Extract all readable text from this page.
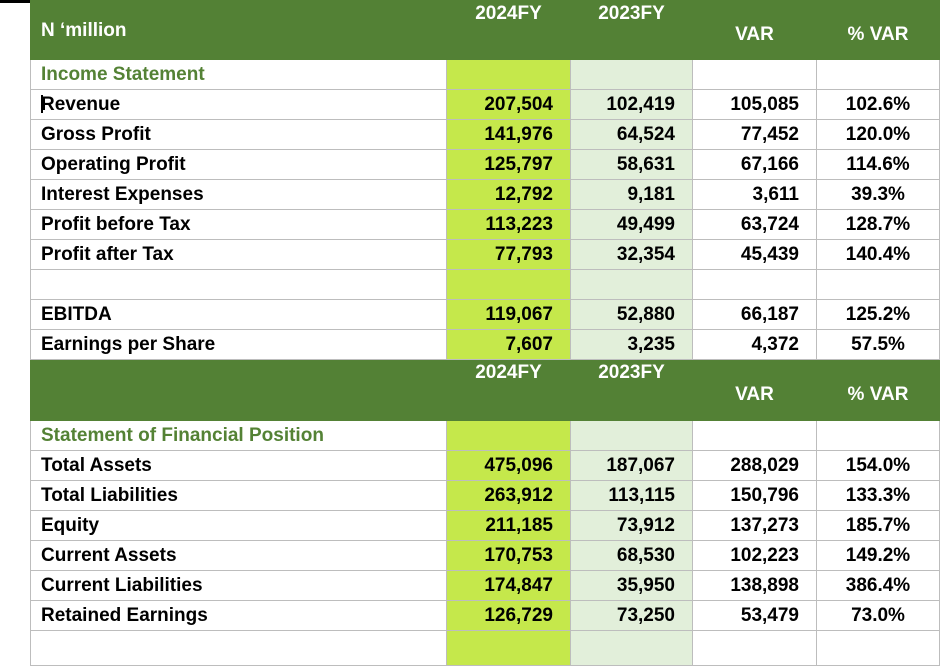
N ‘million	2024FY	2023FY	VAR	% VAR
Income Statement				
Revenue	207,504	102,419	105,085	102.6%
Gross Profit	141,976	64,524	77,452	120.0%
Operating Profit	125,797	58,631	67,166	114.6%
Interest Expenses	12,792	9,181	3,611	39.3%
Profit before Tax	113,223	49,499	63,724	128.7%
Profit after Tax	77,793	32,354	45,439	140.4%

EBITDA	119,067	52,880	66,187	125.2%
Earnings per Share	7,607	3,235	4,372	57.5%
	2024FY	2023FY	VAR	% VAR
Statement of Financial Position				
Total Assets	475,096	187,067	288,029	154.0%
Total Liabilities	263,912	113,115	150,796	133.3%
Equity	211,185	73,912	137,273	185.7%
Current Assets	170,753	68,530	102,223	149.2%
Current Liabilities	174,847	35,950	138,898	386.4%
Retained Earnings	126,729	73,250	53,479	73.0%
